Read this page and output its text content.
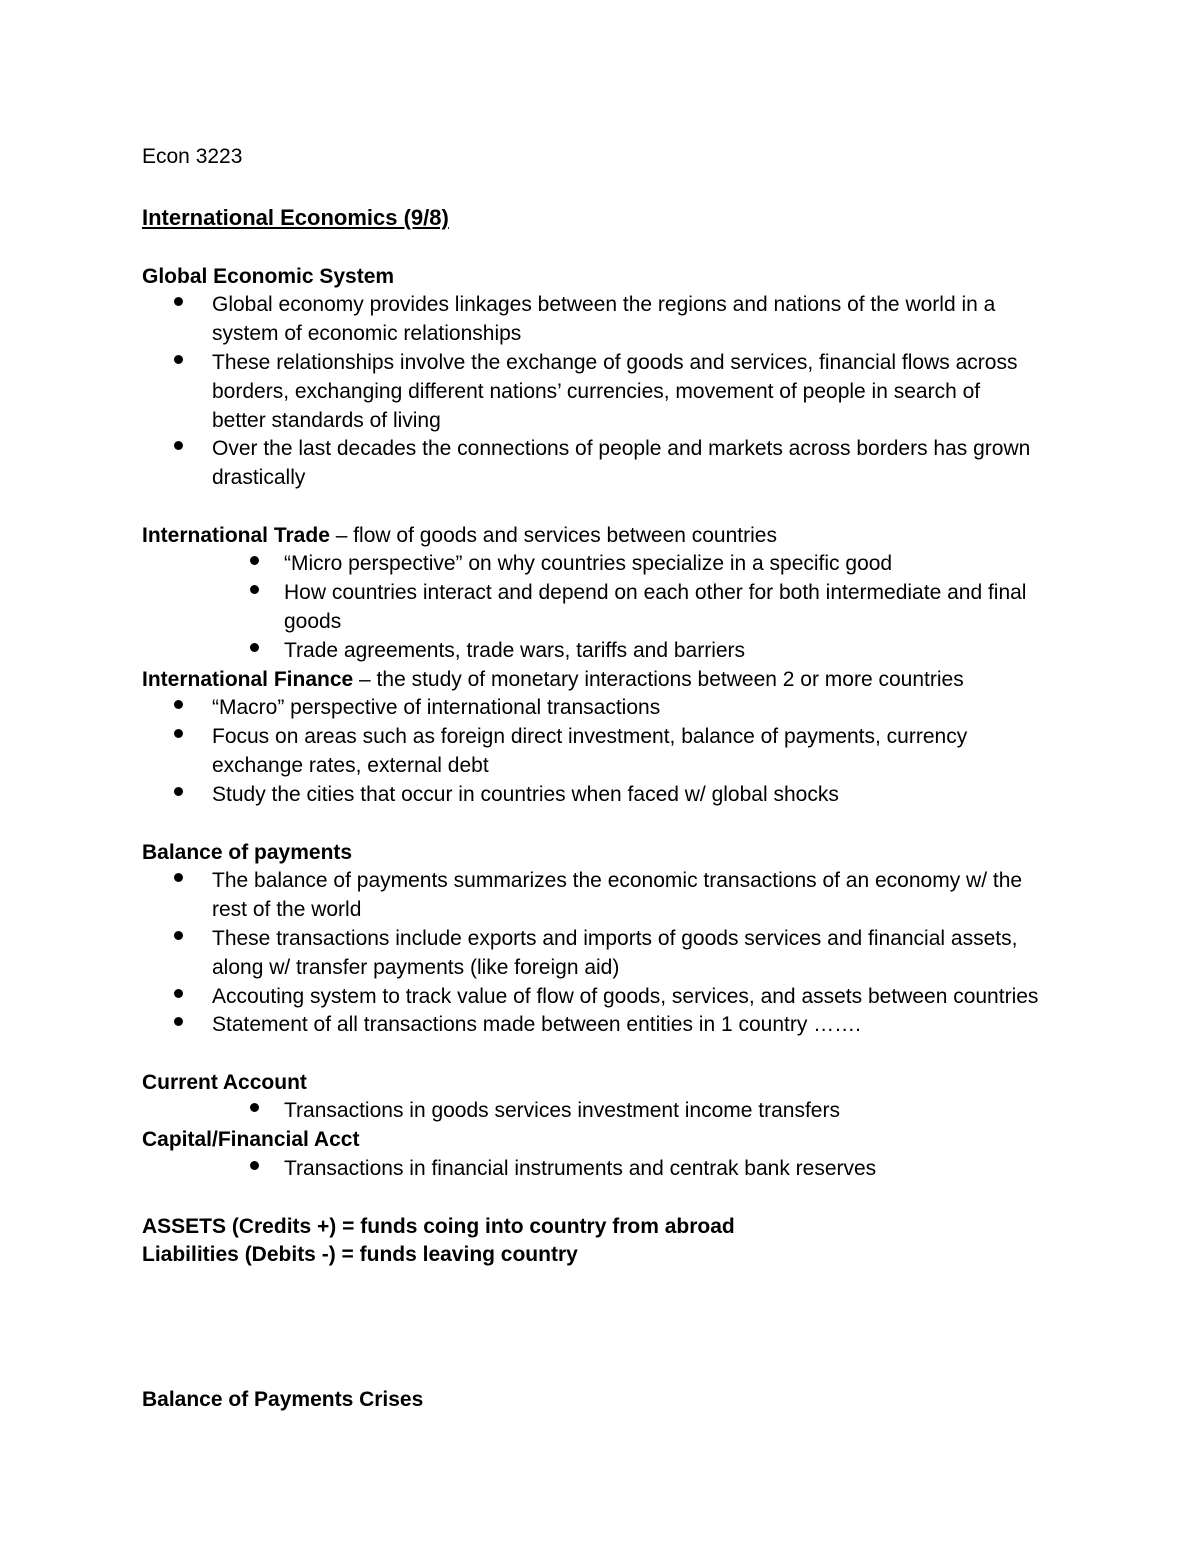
Econ 3223
International Economics (9/8)
Global Economic System
Global economy provides linkages between the regions and nations of the world in a
system of economic relationships
These relationships involve the exchange of goods and services, financial flows across
borders, exchanging different nations’ currencies, movement of people in search of
better standards of living
Over the last decades the connections of people and markets across borders has grown
drastically
International Trade – flow of goods and services between countries
“Micro perspective” on why countries specialize in a specific good
How countries interact and depend on each other for both intermediate and final
goods
Trade agreements, trade wars, tariffs and barriers
International Finance – the study of monetary interactions between 2 or more countries
“Macro” perspective of international transactions
Focus on areas such as foreign direct investment, balance of payments, currency
exchange rates, external debt
Study the cities that occur in countries when faced w/ global shocks
Balance of payments
The balance of payments summarizes the economic transactions of an economy w/ the
rest of the world
These transactions include exports and imports of goods services and financial assets,
along w/ transfer payments (like foreign aid)
Accouting system to track value of flow of goods, services, and assets between countries
Statement of all transactions made between entities in 1 country …….
Current Account
Transactions in goods services investment income transfers
Capital/Financial Acct
Transactions in financial instruments and centrak bank reserves
ASSETS (Credits +) = funds coing into country from abroad
Liabilities (Debits -) = funds leaving country
Balance of Payments Crises
